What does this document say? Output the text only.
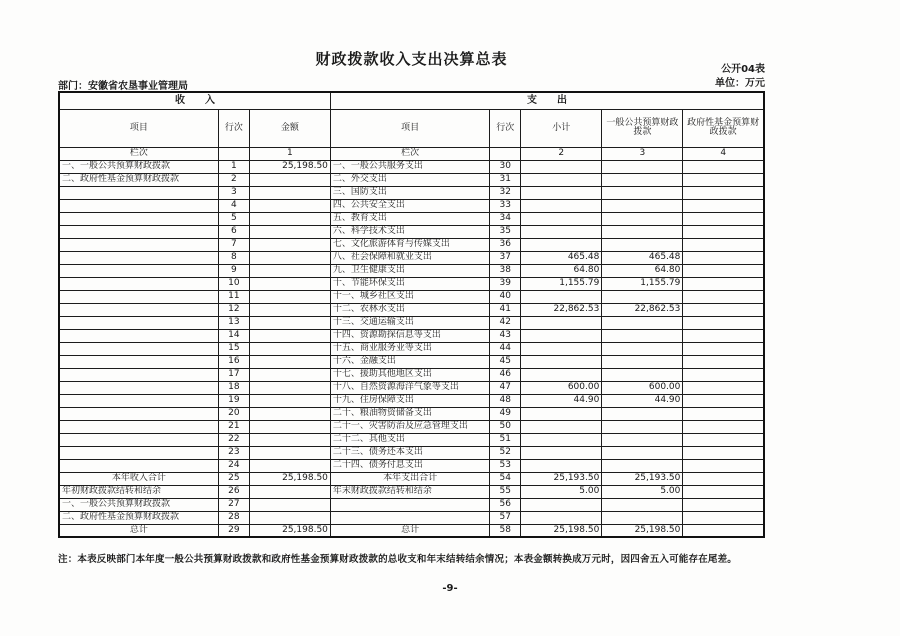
财政拨款收入支出决算总表
公开04表
单位：万元
部门：安徽省农垦事业管理局
收入			支出				
项目	行次	金额	项目	行次	小计	一般公共预算财政拨款	政府性基金预算财政拨款
栏次		1	栏次		2	3	4
一、一般公共预算财政拨款	1	25,198.50	一、一般公共服务支出	30			
二、政府性基金预算财政拨款	2		二、外交支出	31			
	3		三、国防支出	32			
	4		四、公共安全支出	33			
	5		五、教育支出	34			
	6		六、科学技术支出	35			
	7		七、文化旅游体育与传媒支出	36			
	8		八、社会保障和就业支出	37	465.48	465.48	
	9		九、卫生健康支出	38	64.80	64.80	
	10		十、节能环保支出	39	1,155.79	1,155.79	
	11		十一、城乡社区支出	40			
	12		十二、农林水支出	41	22,862.53	22,862.53	
	13		十三、交通运输支出	42			
	14		十四、资源勘探信息等支出	43			
	15		十五、商业服务业等支出	44			
	16		十六、金融支出	45			
	17		十七、援助其他地区支出	46			
	18		十八、自然资源海洋气象等支出	47	600.00	600.00	
	19		十九、住房保障支出	48	44.90	44.90	
	20		二十、粮油物资储备支出	49			
	21		二十一、灾害防治及应急管理支出	50			
	22		二十二、其他支出	51			
	23		二十三、债务还本支出	52			
	24		二十四、债务付息支出	53			
本年收入合计	25	25,198.50	本年支出合计	54	25,193.50	25,193.50	
年初财政拨款结转和结余	26		年末财政拨款结转和结余	55	5.00	5.00	
一、一般公共预算财政拨款	27			56			
二、政府性基金预算财政拨款	28			57			
总计	29	25,198.50	总计	58	25,198.50	25,198.50	
注：本表反映部门本年度一般公共预算财政拨款和政府性基金预算财政拨款的总收支和年末结转结余情况；本表金额转换成万元时，因四舍五入可能存在尾差。
-9-
